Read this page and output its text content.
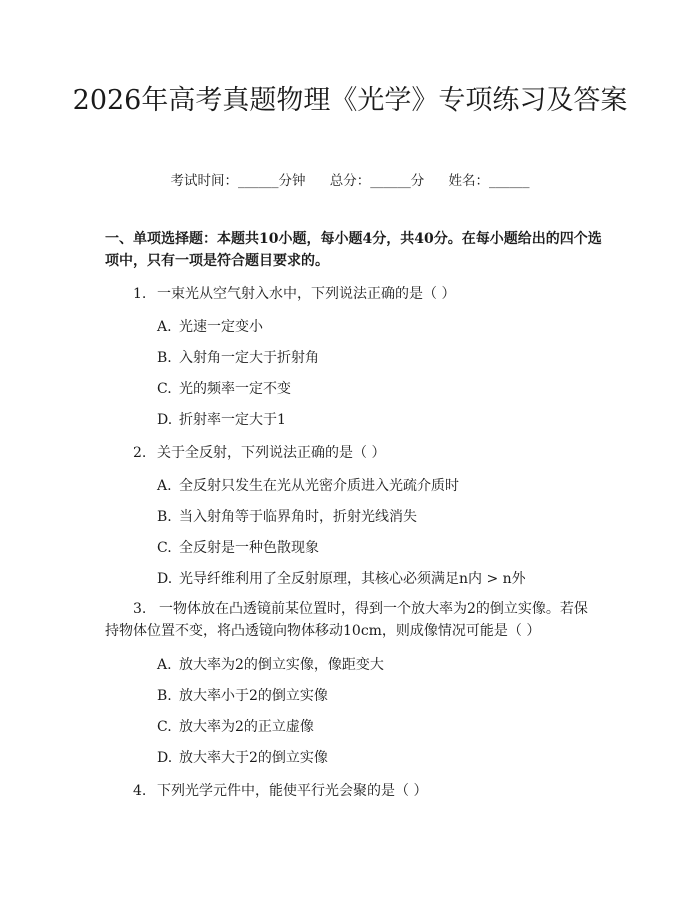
2026年高考真题物理《光学》专项练习及答案
考试时间：______分钟 总分：______分 姓名：______

一、单项选择题：本题共10小题，每小题4分，共40分。在每小题给出的四个选项中，只有一项是符合题目要求的。

1. 一束光从空气射入水中，下列说法正确的是（ ）
A. 光速一定变小
B. 入射角一定大于折射角
C. 光的频率一定不变
D. 折射率一定大于1
2. 关于全反射，下列说法正确的是（ ）
A. 全反射只发生在光从光密介质进入光疏介质时
B. 当入射角等于临界角时，折射光线消失
C. 全反射是一种色散现象
D. 光导纤维利用了全反射原理，其核心必须满足n内 > n外
3. 一物体放在凸透镜前某位置时，得到一个放大率为2的倒立实像。若保持物体位置不变，将凸透镜向物体移动10cm，则成像情况可能是（ ）
A. 放大率为2的倒立实像，像距变大
B. 放大率小于2的倒立实像
C. 放大率为2的正立虚像
D. 放大率大于2的倒立实像
4. 下列光学元件中，能使平行光会聚的是（ ）
